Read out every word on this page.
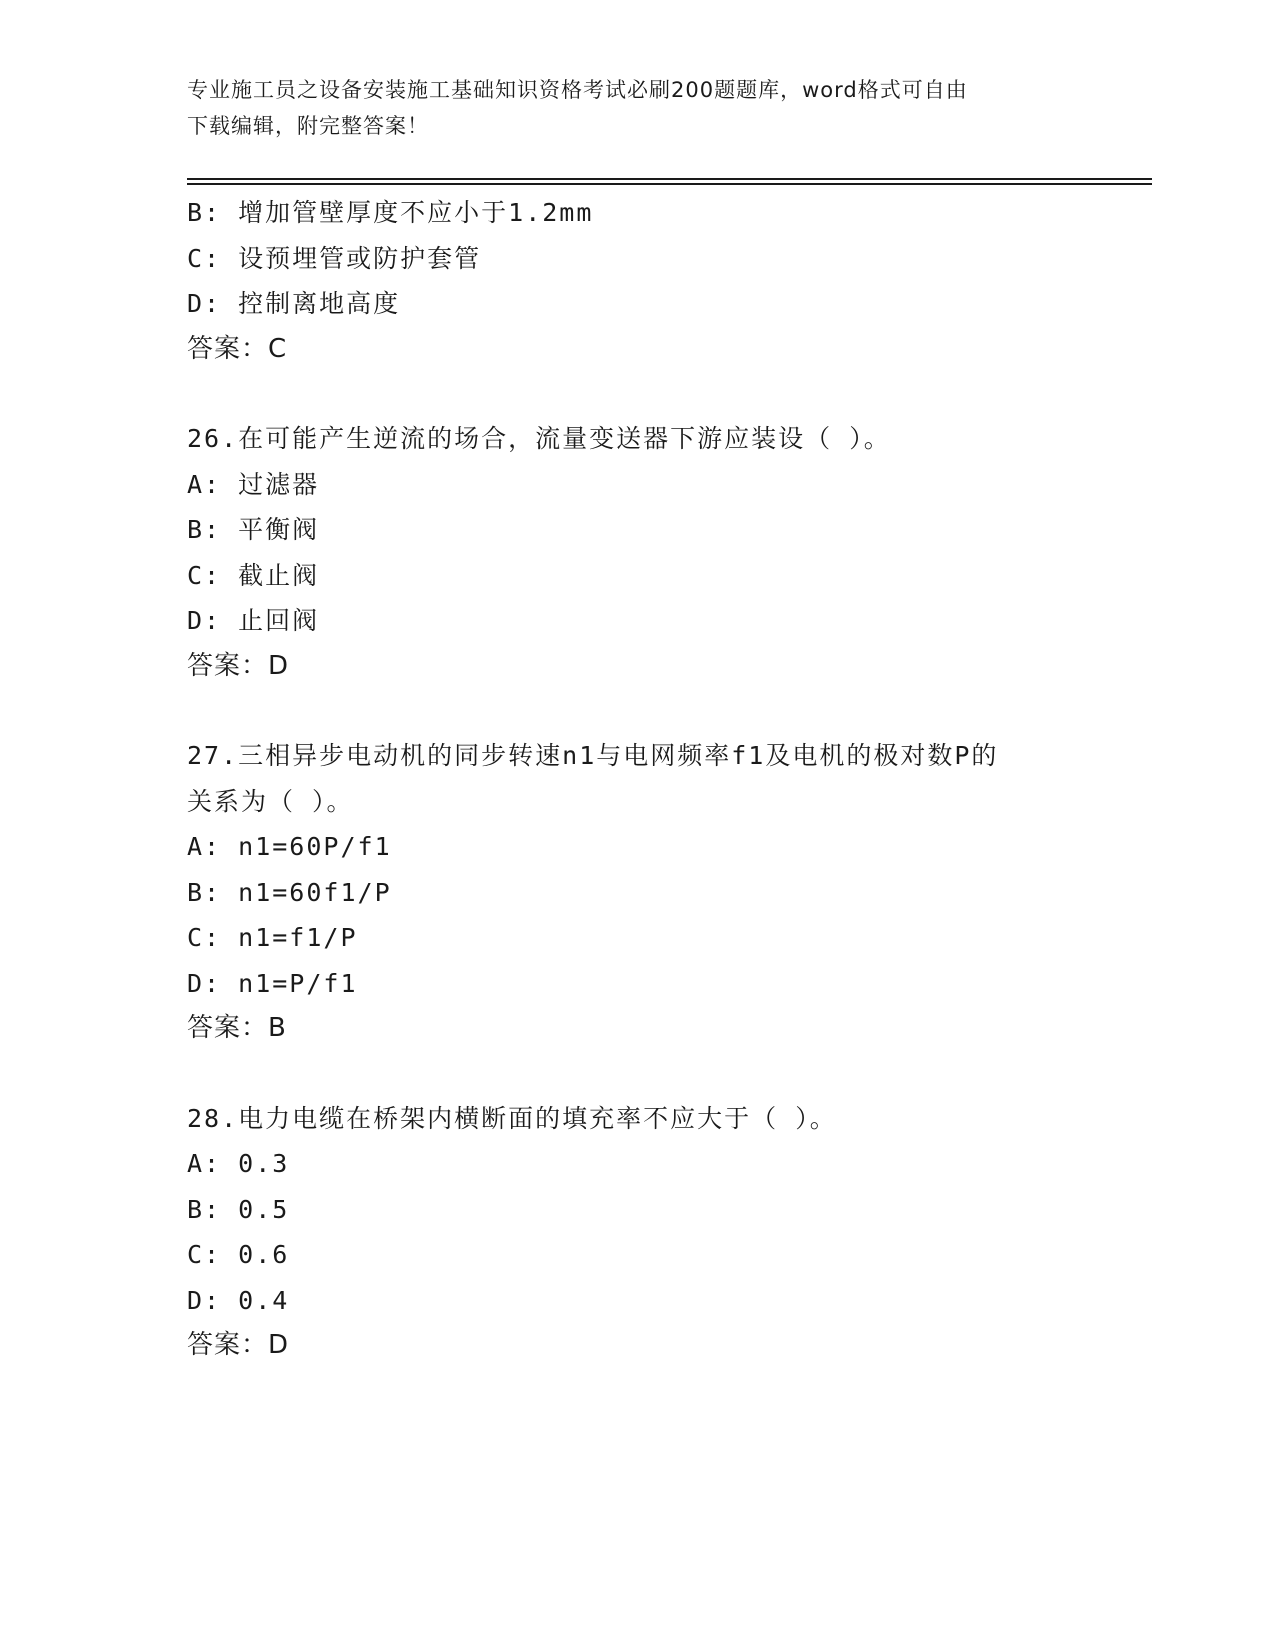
专业施工员之设备安装施工基础知识资格考试必刷200题题库，word格式可自由
下载编辑，附完整答案！
B: 增加管壁厚度不应小于1.2mm
C: 设预埋管或防护套管
D: 控制离地高度
答案：C
26.在可能产生逆流的场合，流量变送器下游应装设（ ）。
A: 过滤器
B: 平衡阀
C: 截止阀
D: 止回阀
答案：D
27.三相异步电动机的同步转速n1与电网频率f1及电机的极对数P的
关系为（ ）。
A: n1=60P/f1
B: n1=60f1/P
C: n1=f1/P
D: n1=P/f1
答案：B
28.电力电缆在桥架内横断面的填充率不应大于（ ）。
A: 0.3
B: 0.5
C: 0.6
D: 0.4
答案：D
